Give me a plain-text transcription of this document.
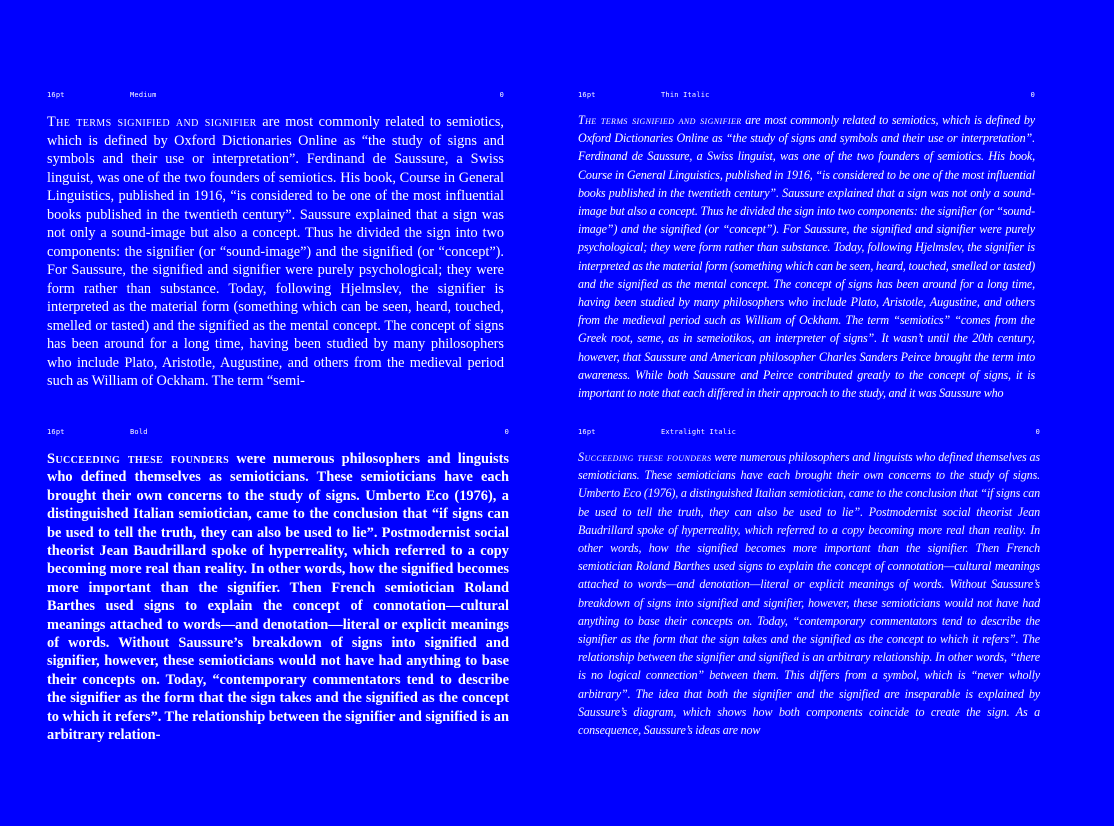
16pt	Medium	0

The terms signified and signifier are most commonly related to semiotics, which is defined by Oxford Dictionaries Online as “the study of signs and symbols and their use or interpretation”. Ferdinand de Saussure, a Swiss linguist, was one of the two founders of semiotics. His book, Course in General Linguistics, published in 1916, “is considered to be one of the most influential books published in the twentieth century”. Saussure explained that a sign was not only a sound-image but also a concept. Thus he divided the sign into two components: the signifier (or “sound-image”) and the signified (or “concept”). For Saussure, the signified and signifier were purely psychological; they were form rather than substance. Today, following Hjelmslev, the signifier is interpreted as the material form (something which can be seen, heard, touched, smelled or tasted) and the signified as the mental concept. The concept of signs has been around for a long time, having been studied by many philosophers who include Plato, Aristotle, Augustine, and others from the medieval period such as William of Ockham. The term “semi-

16pt	Thin Italic	0

The terms signified and signifier are most commonly related to semiotics, which is defined by Oxford Dictionaries Online as “the study of signs and symbols and their use or interpretation”. Ferdinand de Saussure, a Swiss linguist, was one of the two founders of semiotics. His book, Course in General Linguistics, published in 1916, “is considered to be one of the most influential books published in the twentieth century”. Saussure explained that a sign was not only a sound-image but also a concept. Thus he divided the sign into two components: the signifier (or “sound-image”) and the signified (or “concept”). For Saussure, the signified and signifier were purely psychological; they were form rather than substance. Today, following Hjelmslev, the signifier is interpreted as the material form (something which can be seen, heard, touched, smelled or tasted) and the signified as the mental concept. The concept of signs has been around for a long time, having been studied by many philosophers who include Plato, Aristotle, Augustine, and others from the medieval period such as William of Ockham. The term “semiotics” “comes from the Greek root, seme, as in semeiotikos, an interpreter of signs”. It wasn’t until the 20th century, however, that Saussure and American philosopher Charles Sanders Peirce brought the term into awareness. While both Saussure and Peirce contributed greatly to the concept of signs, it is important to note that each differed in their approach to the study, and it was Saussure who

16pt	Bold	0

Succeeding these founders were numerous philosophers and linguists who defined themselves as semioticians. These semioticians have each brought their own concerns to the study of signs. Umberto Eco (1976), a distinguished Italian semiotician, came to the conclusion that “if signs can be used to tell the truth, they can also be used to lie”. Postmodernist social theorist Jean Baudrillard spoke of hyperreality, which referred to a copy becoming more real than reality. In other words, how the signified becomes more important than the signifier. Then French semiotician Roland Barthes used signs to explain the concept of connotation—cultural meanings attached to words—and denotation—literal or explicit meanings of words. Without Saussure’s breakdown of signs into signified and signifier, however, these semioticians would not have had anything to base their concepts on. Today, “contemporary commentators tend to describe the signifier as the form that the sign takes and the signified as the concept to which it refers”. The relationship between the signifier and signified is an arbitrary relation-

16pt	Extralight Italic	0

Succeeding these founders were numerous philosophers and linguists who defined themselves as semioticians. These semioticians have each brought their own concerns to the study of signs. Umberto Eco (1976), a distinguished Italian semiotician, came to the conclusion that “if signs can be used to tell the truth, they can also be used to lie”. Postmodernist social theorist Jean Baudrillard spoke of hyperreality, which referred to a copy becoming more real than reality. In other words, how the signified becomes more important than the signifier. Then French semiotician Roland Barthes used signs to explain the concept of connotation—cultural meanings attached to words—and denotation—literal or explicit meanings of words. Without Saussure’s breakdown of signs into signified and signifier, however, these semioticians would not have had anything to base their concepts on. Today, “contemporary commentators tend to describe the signifier as the form that the sign takes and the signified as the concept to which it refers”. The relationship between the signifier and signified is an arbitrary relationship. In other words, “there is no logical connection” between them. This differs from a symbol, which is “never wholly arbitrary”. The idea that both the signifier and the signified are inseparable is explained by Saussure’s diagram, which shows how both components coincide to create the sign. As a consequence, Saussure’s ideas are now
